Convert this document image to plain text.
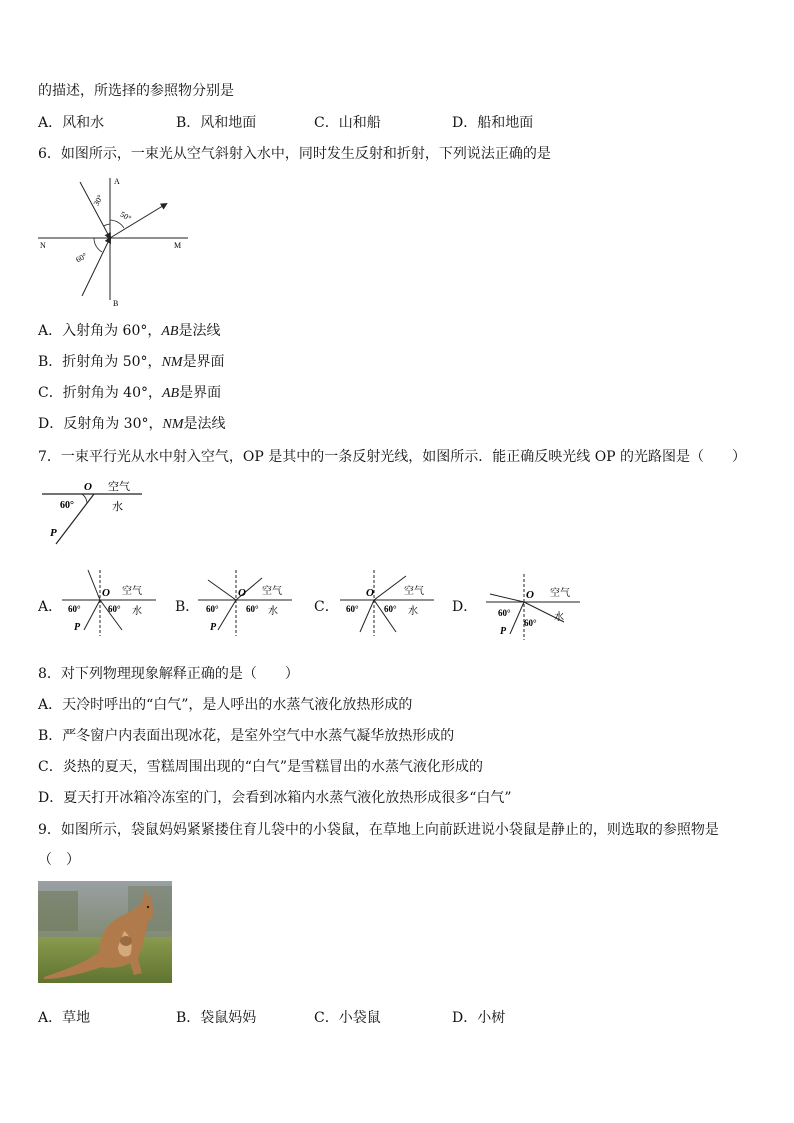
的描述，所选择的参照物分别是
A．风和水	B．风和地面	C．山和船	D．船和地面
6．如图所示，一束光从空气斜射入水中，同时发生反射和折射，下列说法正确的是
A
B
N	M
30°
50°
60°
A．入射角为 60°，AB是法线
B．折射角为 50°，NM是界面
C．折射角为 40°，AB是界面
D．反射角为 30°，NM是法线
7．一束平行光从水中射入空气，OP 是其中的一条反射光线，如图所示．能正确反映光线 OP 的光路图是（　　）
O 空气
水
60°
P
A．
O 空气
水
60°	60°
P
B．
O 空气
水
60°	60°
P
C．
O	空气
水
60°	60°	D．
O 空气
水
60°
60°
P
8．对下列物理现象解释正确的是（　　）
A．天冷时呼出的“白气”，是人呼出的水蒸气液化放热形成的
B．严冬窗户内表面出现冰花，是室外空气中水蒸气凝华放热形成的
C．炎热的夏天，雪糕周围出现的“白气”是雪糕冒出的水蒸气液化形成的
D．夏天打开冰箱冷冻室的门，会看到冰箱内水蒸气液化放热形成很多“白气”
9．如图所示，袋鼠妈妈紧紧搂住育儿袋中的小袋鼠，在草地上向前跃进说小袋鼠是静止的，则选取的参照物是
（　）
A．草地	B．袋鼠妈妈	C．小袋鼠	D．小树
